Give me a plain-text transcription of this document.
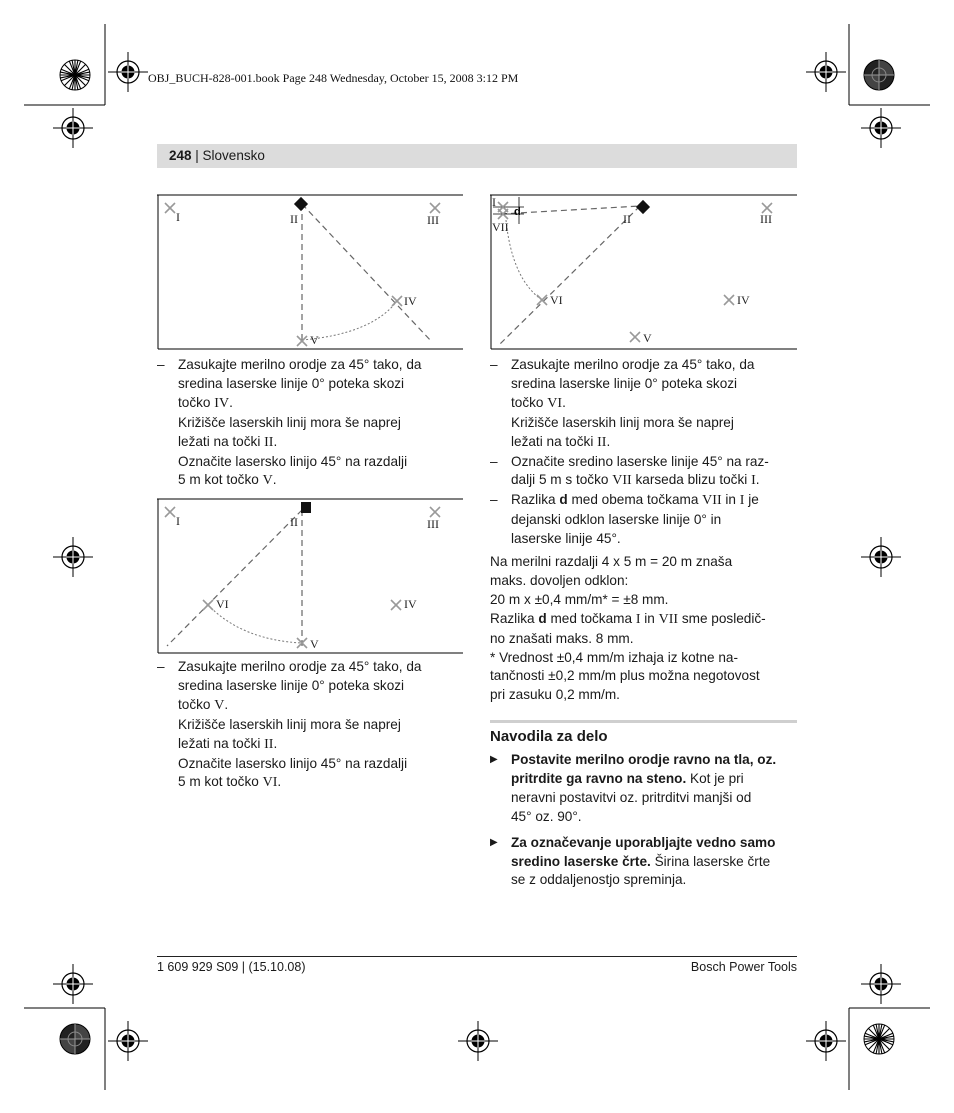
OBJ_BUCH-828-001.book Page 248 Wednesday, October 15, 2008 3:12 PM
248 | Slovensko
I	II	III
IV
V
– Zasukajte merilno orodje za 45° tako, da

sredina laserske linije 0° poteka skozi

točko IV.

Križišče laserskih linij mora še naprej

ležati na točki II.

Označite lasersko linijo 45° na razdalji

5 m kot točko V.

I	II	III
VI	IV
V
– Zasukajte merilno orodje za 45° tako, da

sredina laserske linije 0° poteka skozi

točko V.

Križišče laserskih linij mora še naprej

ležati na točki II.

Označite lasersko linijo 45° na razdalji

5 m kot točko VI.

I
d
VII
II	III
VI	IV
V
– Zasukajte merilno orodje za 45° tako, da

sredina laserske linije 0° poteka skozi

točko VI.

Križišče laserskih linij mora še naprej

ležati na točki II.

– Označite sredino laserske linije 45° na raz-

dalji 5 m s točko VII karseda blizu točki I.

– Razlika d med obema točkama VII in I je

dejanski odklon laserske linije 0° in

laserske linije 45°.

Na merilni razdalji 4 x 5 m = 20 m znaša

maks. dovoljen odklon:

20 m x ±0,4 mm/m* = ±8 mm.

Razlika d med točkama I in VII sme posledič-

no znašati maks. 8 mm.

* Vrednost ±0,4 mm/m izhaja iz kotne na-

tančnosti ±0,2 mm/m plus možna negotovost

pri zasuku 0,2 mm/m.

Navodila za delo
▶ Postavite merilno orodje ravno na tla, oz.

pritrdite ga ravno na steno. Kot je pri

neravni postavitvi oz. pritrditvi manjši od

45° oz. 90°.

▶ Za označevanje uporabljajte vedno samo

sredino laserske črte. Širina laserske črte

se z oddaljenostjo spreminja.

1 609 929 S09 | (15.10.08)	Bosch Power Tools
